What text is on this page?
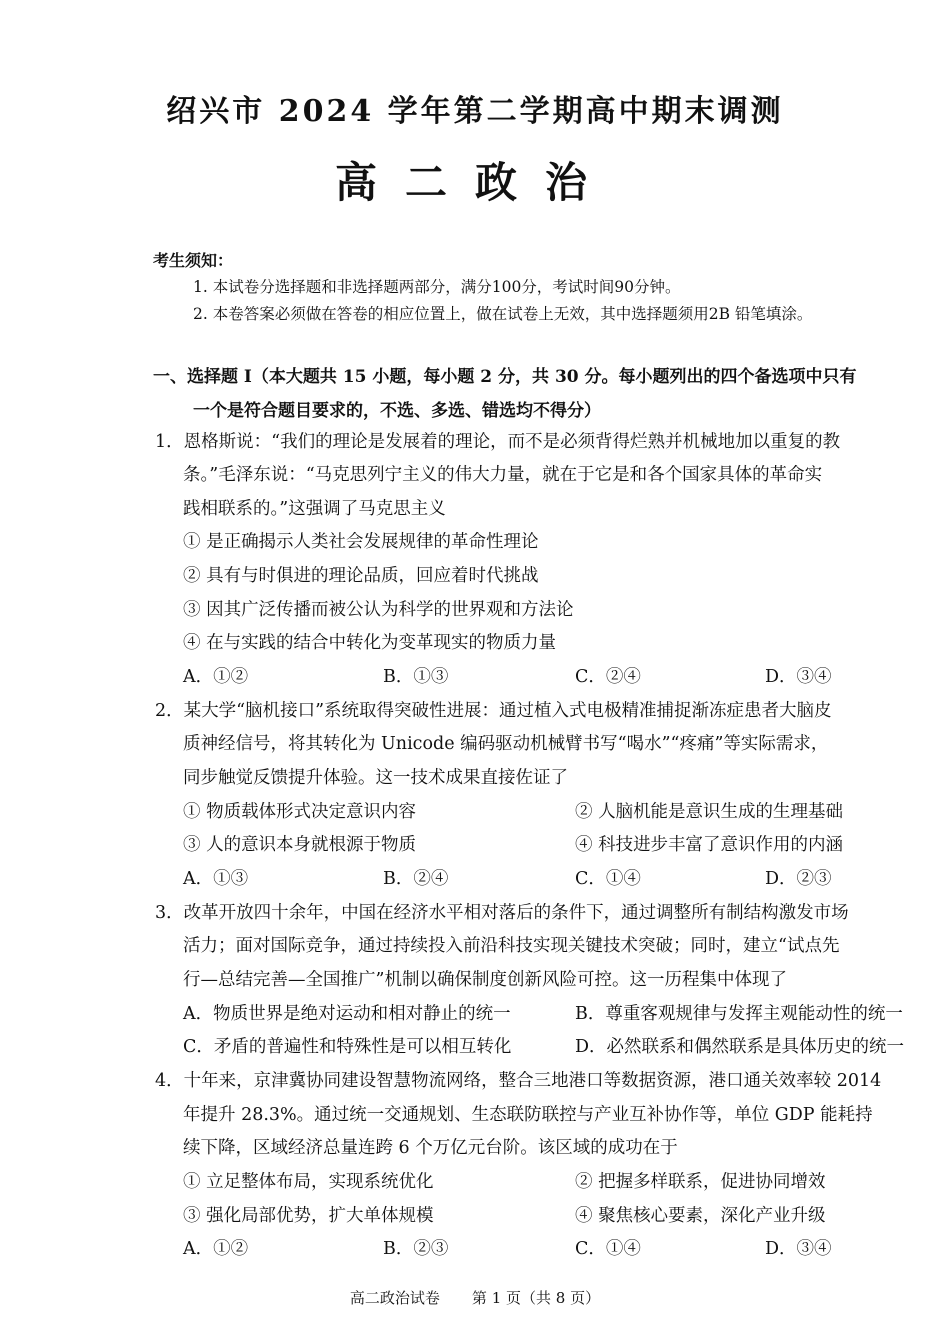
绍兴市 2024 学年第二学期高中期末调测
高二政治
考生须知：
1. 本试卷分选择题和非选择题两部分，满分100分，考试时间90分钟。
2. 本卷答案必须做在答卷的相应位置上，做在试卷上无效，其中选择题须用2B 铅笔填涂。
一、选择题 I（本大题共 15 小题，每小题 2 分，共 30 分。每小题列出的四个备选项中只有
一个是符合题目要求的，不选、多选、错选均不得分）
1．恩格斯说：“我们的理论是发展着的理论，而不是必须背得烂熟并机械地加以重复的教
条。”毛泽东说：“马克思列宁主义的伟大力量，就在于它是和各个国家具体的革命实
践相联系的。”这强调了马克思主义
① 是正确揭示人类社会发展规律的革命性理论
② 具有与时俱进的理论品质，回应着时代挑战
③ 因其广泛传播而被公认为科学的世界观和方法论
④ 在与实践的结合中转化为变革现实的物质力量
A．①②	B．①③	C．②④	D．③④
2．某大学“脑机接口”系统取得突破性进展：通过植入式电极精准捕捉渐冻症患者大脑皮
质神经信号，将其转化为 Unicode 编码驱动机械臂书写“喝水”“疼痛”等实际需求，
同步触觉反馈提升体验。这一技术成果直接佐证了
① 物质载体形式决定意识内容	② 人脑机能是意识生成的生理基础
③ 人的意识本身就根源于物质	④ 科技进步丰富了意识作用的内涵
A．①③	B．②④	C．①④	D．②③
3．改革开放四十余年，中国在经济水平相对落后的条件下，通过调整所有制结构激发市场
活力；面对国际竞争，通过持续投入前沿科技实现关键技术突破；同时，建立“试点先
行—总结完善—全国推广”机制以确保制度创新风险可控。这一历程集中体现了
A．物质世界是绝对运动和相对静止的统一	B．尊重客观规律与发挥主观能动性的统一
C．矛盾的普遍性和特殊性是可以相互转化	D．必然联系和偶然联系是具体历史的统一
4．十年来，京津冀协同建设智慧物流网络，整合三地港口等数据资源，港口通关效率较 2014
年提升 28.3%。通过统一交通规划、生态联防联控与产业互补协作等，单位 GDP 能耗持
续下降，区域经济总量连跨 6 个万亿元台阶。该区域的成功在于
① 立足整体布局，实现系统优化	② 把握多样联系，促进协同增效
③ 强化局部优势，扩大单体规模	④ 聚焦核心要素，深化产业升级
A．①②	B．②③	C．①④	D．③④
高二政治试卷 第 1 页（共 8 页）
